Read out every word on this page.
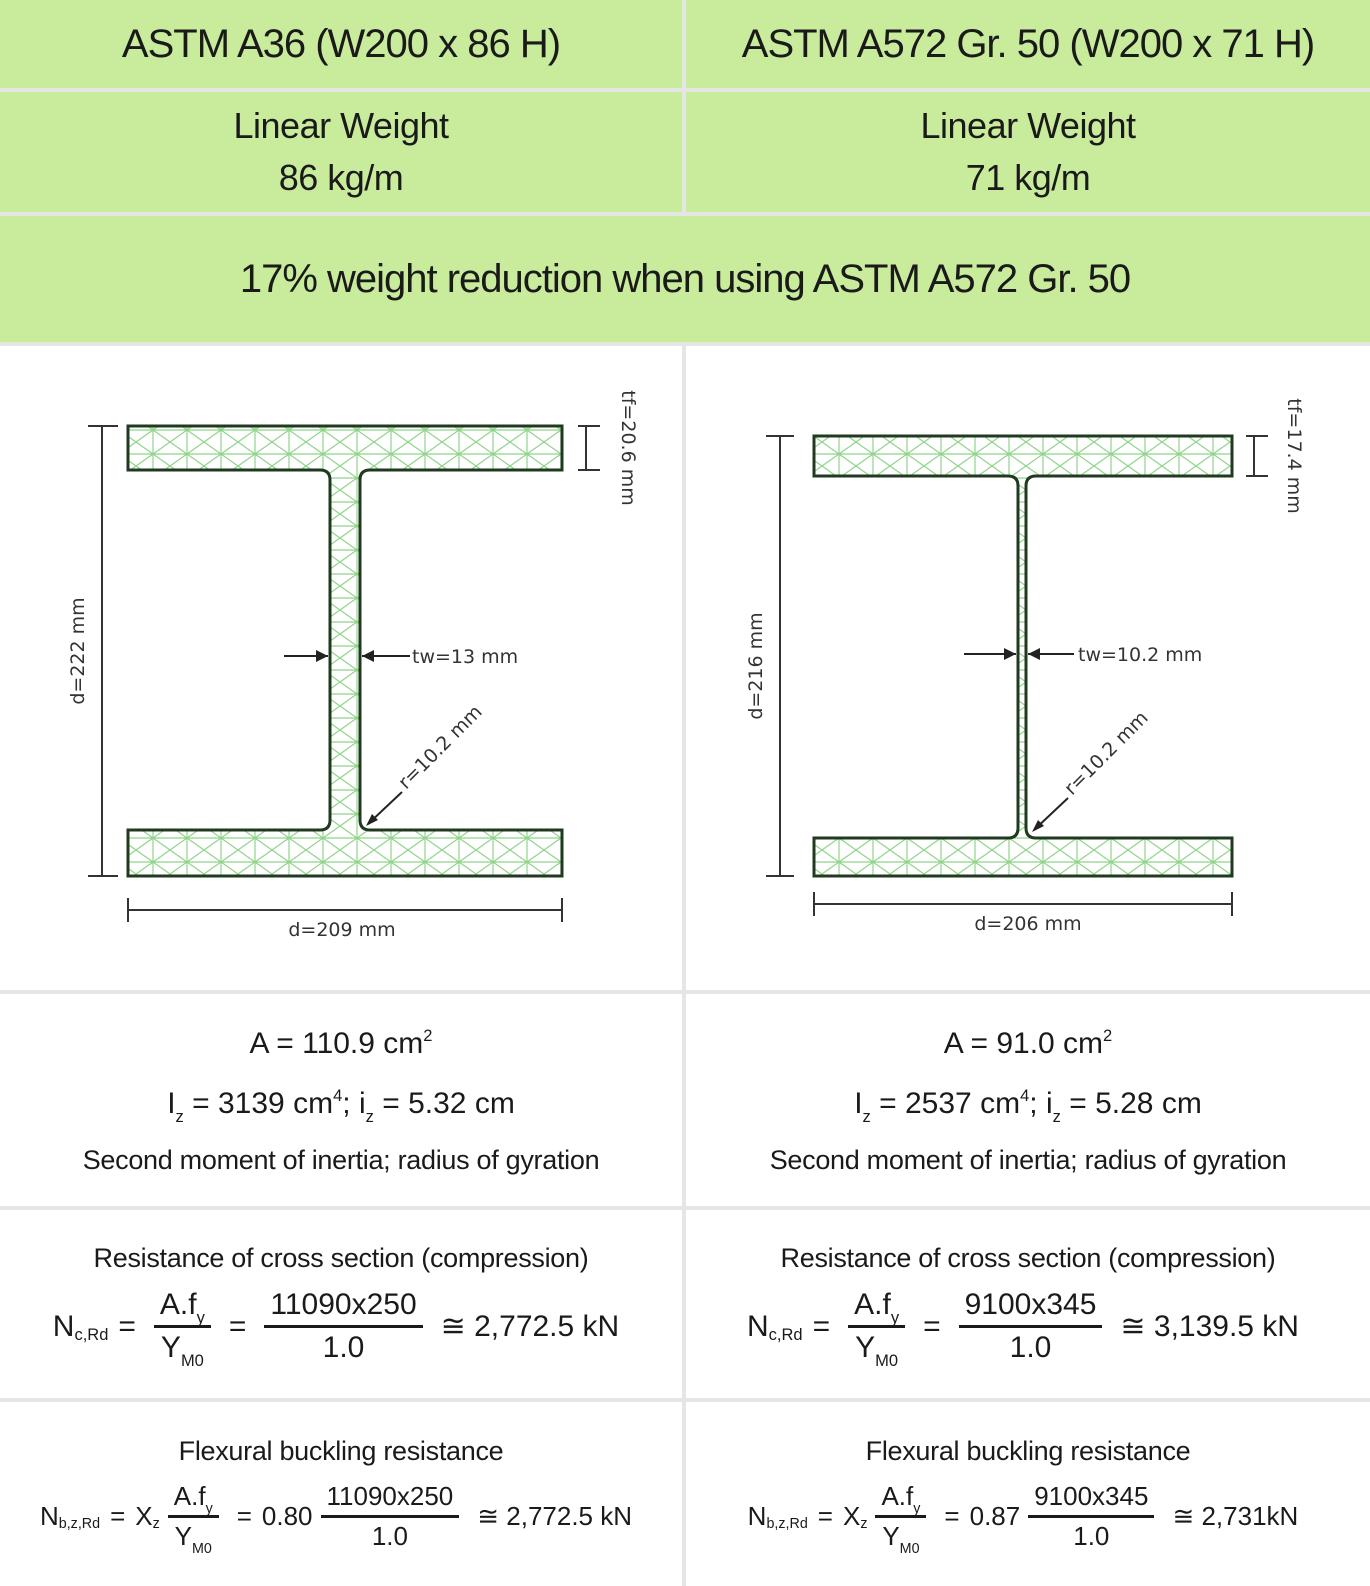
ASTM A36 (W200 x 86 H)	ASTM A572 Gr. 50 (W200 x 71 H)
Linear Weight
86 kg/m
Linear Weight
71 kg/m
17% weight reduction when using ASTM A572 Gr. 50
d=222 mm
tf=20.6 mm
tw=13 mm
r=10.2 mm
d=209 mm
d=216 mm
tf=17.4 mm
tw=10.2 mm
r=10.2 mm
d=206 mm
A = 110.9 $cm^2$
$I_z = 3139$ $cm^4$; $i_z = 5.32$ cm
Second moment of inertia; radius of gyration
A = 91.0 $cm^2$
$I_z = 2537$ $cm^4$; $i_z = 5.28$ cm
Second moment of inertia; radius of gyration
Resistance of cross section (compression)
N $c,Rd = \frac{A.f_y}{Y_{M0}} = \frac{11090x250}{1.0}$ ≅ 2,772.5 kN
Resistance of cross section (compression)
N $c,Rd = \frac{A.f_y}{Y_{M0}} = \frac{9100x345}{1.0}$ ≅ 3,139.5 kN
Flexural buckling resistance
N b,z,Rd = X z $\frac{A.f_y}{Y_{M0}} = 0.80 \frac{11090x250}{1.0}$ ≅ 2,772.5 kN
Flexural buckling resistance
N b,z,Rd = X z $\frac{A.f_y}{Y_{M0}} = 0.87 \frac{9100x345}{1.0}$ ≅ 2,731kN
